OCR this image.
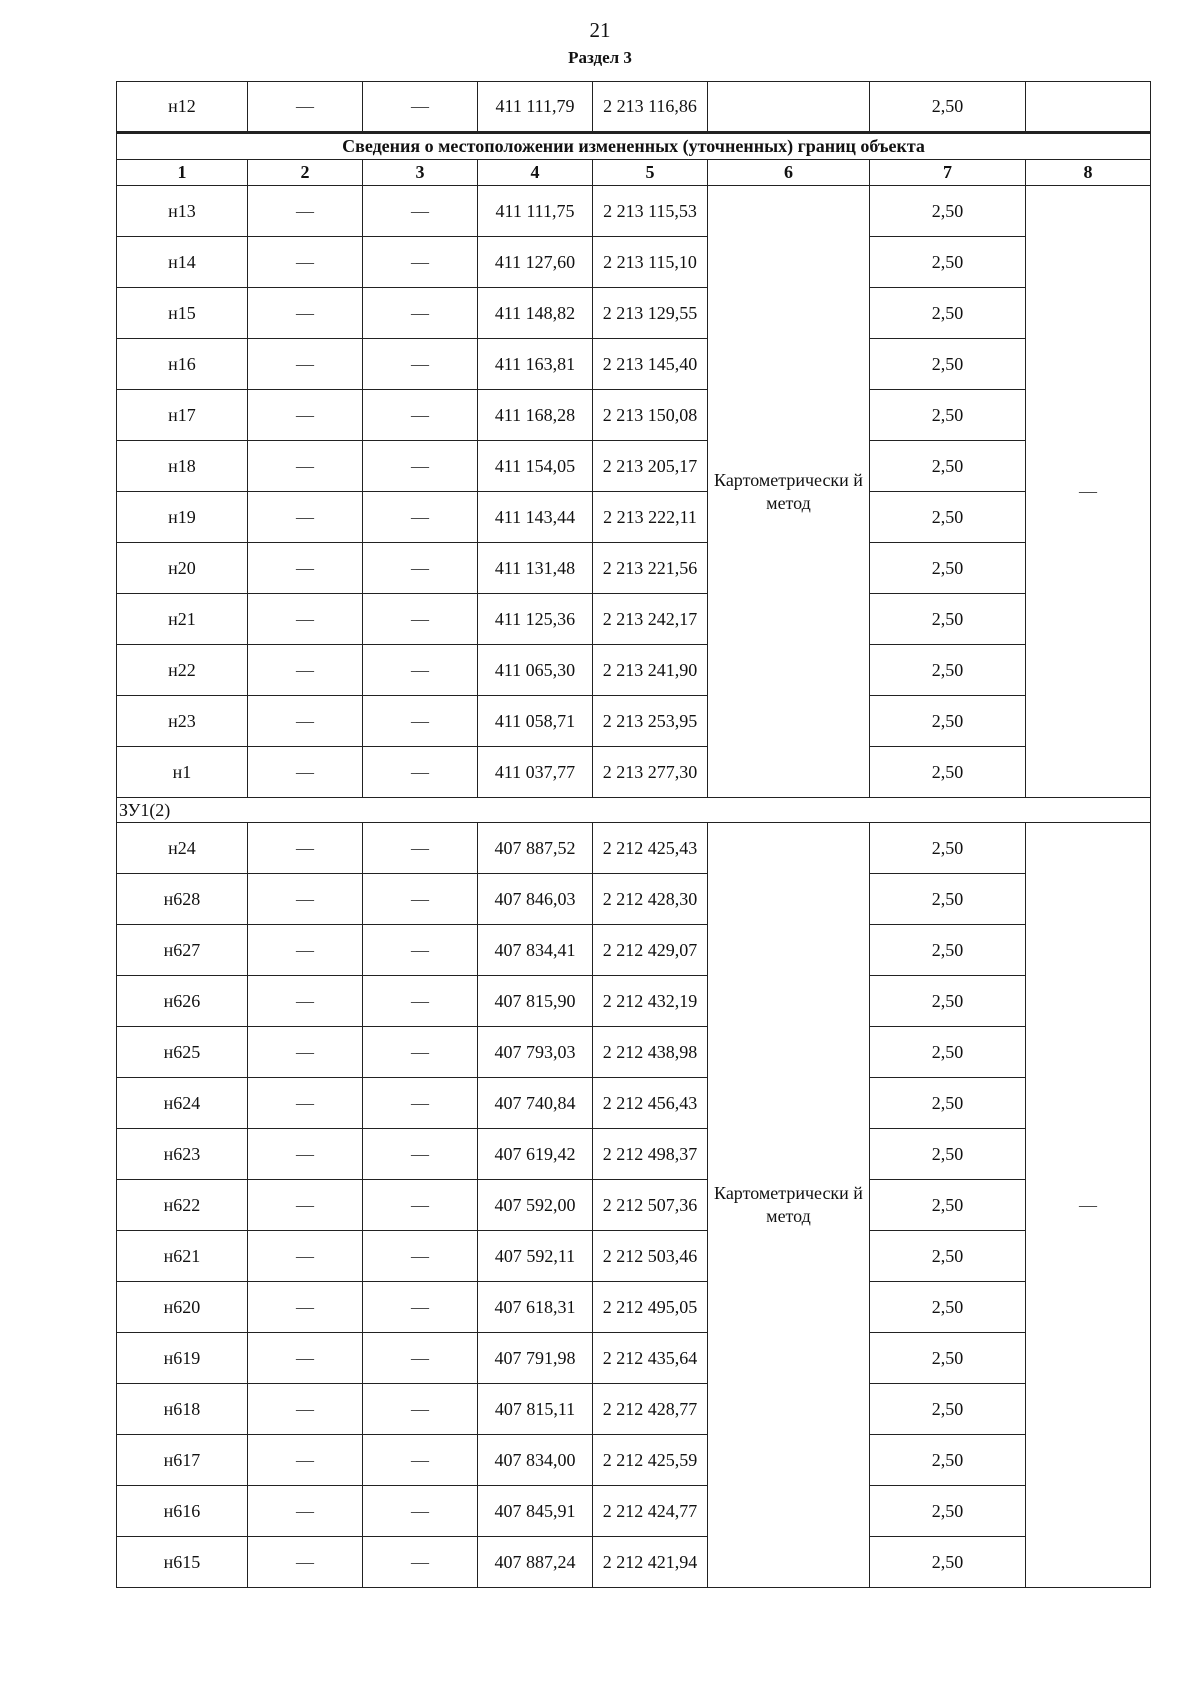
21
Раздел 3
н12	—	—	411 111,79	2 213 116,86		2,50	
Сведения о местоположении измененных (уточненных) границ объекта							
1	2	3	4	5	6	7	8
н13	—	—	411 111,75	2 213 115,53	Картометрически й метод	2,50	—
н14	—	—	411 127,60	2 213 115,10		2,50	
н15	—	—	411 148,82	2 213 129,55		2,50	
н16	—	—	411 163,81	2 213 145,40		2,50	
н17	—	—	411 168,28	2 213 150,08		2,50	
н18	—	—	411 154,05	2 213 205,17		2,50	
н19	—	—	411 143,44	2 213 222,11		2,50	
н20	—	—	411 131,48	2 213 221,56		2,50	
н21	—	—	411 125,36	2 213 242,17		2,50	
н22	—	—	411 065,30	2 213 241,90		2,50	
н23	—	—	411 058,71	2 213 253,95		2,50	
н1	—	—	411 037,77	2 213 277,30		2,50	
ЗУ1(2)							
н24	—	—	407 887,52	2 212 425,43	Картометрически й метод	2,50	—
н628	—	—	407 846,03	2 212 428,30		2,50	
н627	—	—	407 834,41	2 212 429,07		2,50	
н626	—	—	407 815,90	2 212 432,19		2,50	
н625	—	—	407 793,03	2 212 438,98		2,50	
н624	—	—	407 740,84	2 212 456,43		2,50	
н623	—	—	407 619,42	2 212 498,37		2,50	
н622	—	—	407 592,00	2 212 507,36		2,50	
н621	—	—	407 592,11	2 212 503,46		2,50	
н620	—	—	407 618,31	2 212 495,05		2,50	
н619	—	—	407 791,98	2 212 435,64		2,50	
н618	—	—	407 815,11	2 212 428,77		2,50	
н617	—	—	407 834,00	2 212 425,59		2,50	
н616	—	—	407 845,91	2 212 424,77		2,50	
н615	—	—	407 887,24	2 212 421,94		2,50	
